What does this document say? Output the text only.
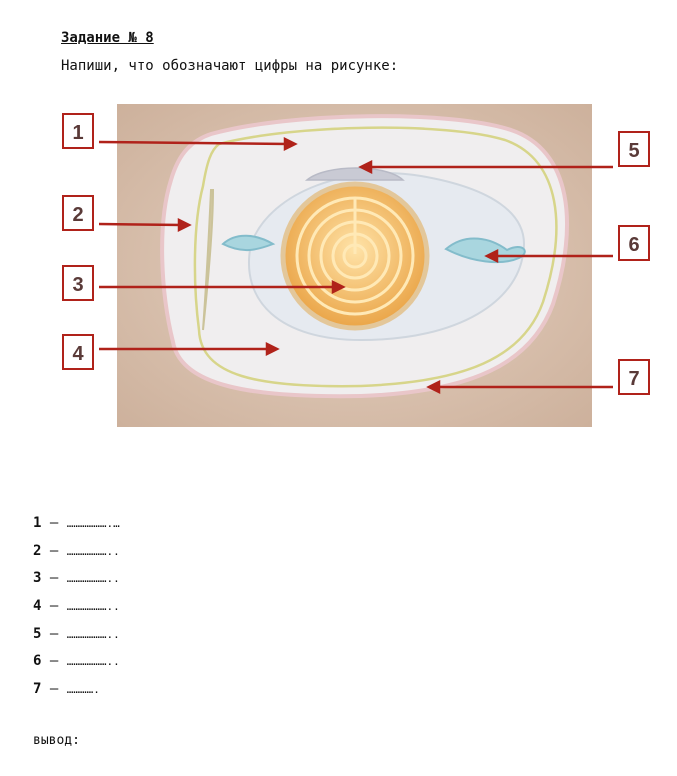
Задание № 8
Напиши, что обозначают цифры на рисунке:
1
2
3
4
5
6
7
1 – ……………….…
2 – ………………..
3 – ………………..
4 – ………………..
5 – ………………..
6 – ………………..
7 – ………….
вывод:
